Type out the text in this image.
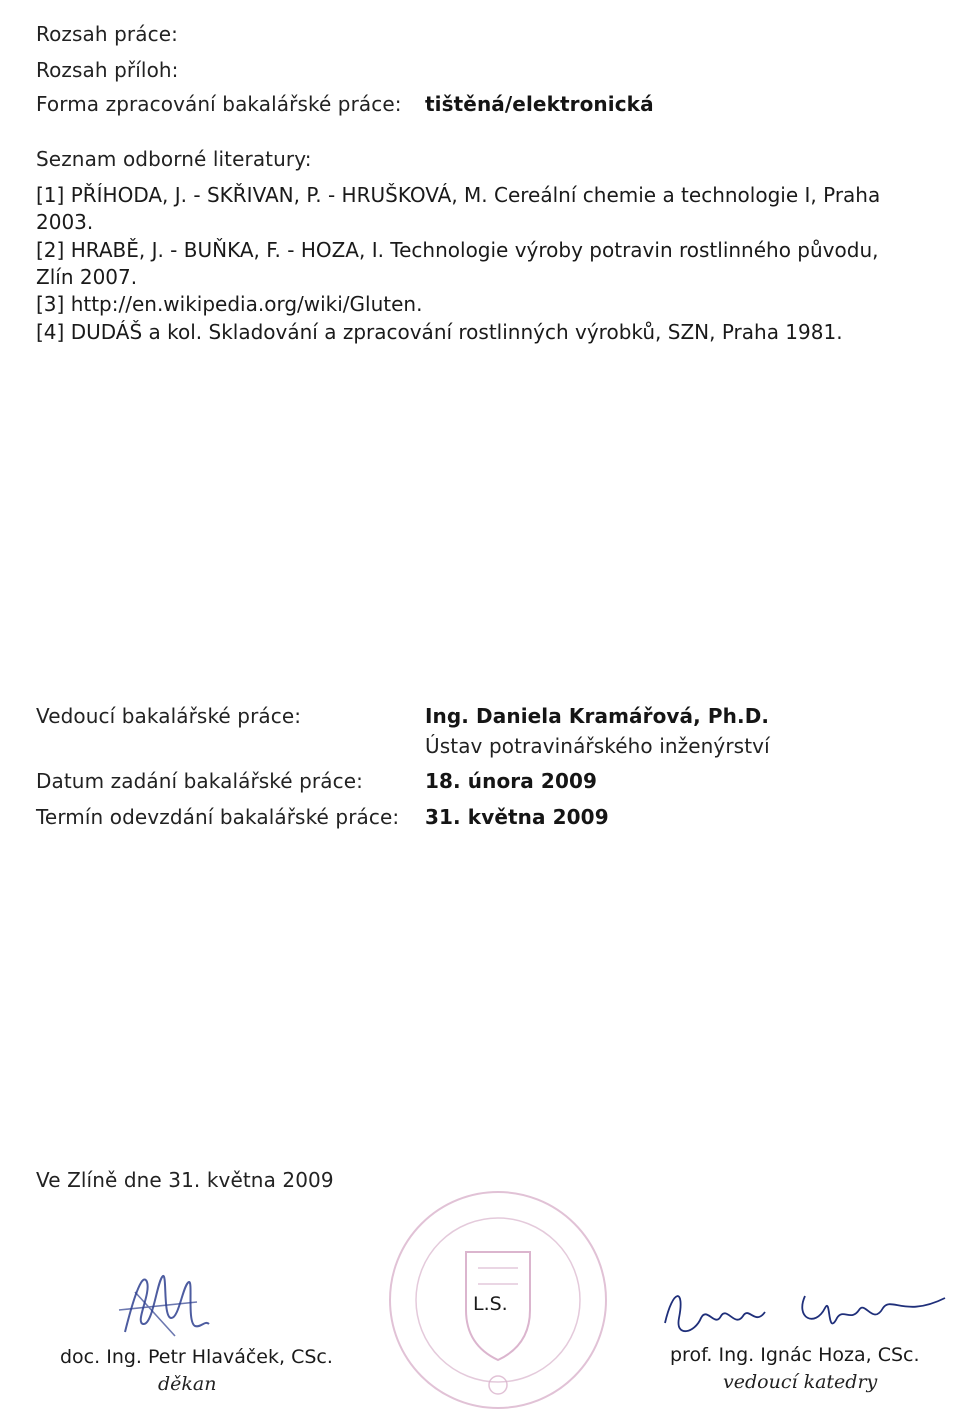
Rozsah práce:
Rozsah příloh:
Forma zpracování bakalářské práce: tištěná/elektronická
Seznam odborné literatury:
[1] PŘÍHODA, J. - SKŘIVAN, P. - HRUŠKOVÁ, M. Cereální chemie a technologie I, Praha
2003.
[2] HRABĚ, J. - BUŇKA, F. - HOZA, I. Technologie výroby potravin rostlinného původu,
Zlín 2007.
[3] http://en.wikipedia.org/wiki/Gluten.
[4] DUDÁŠ a kol. Skladování a zpracování rostlinných výrobků, SZN, Praha 1981.
Vedoucí bakalářské práce:	Ing. Daniela Kramářová, Ph.D.
Ústav potravinářského inženýrství
Datum zadání bakalářské práce:	18. února 2009
Termín odevzdání bakalářské práce: 31. května 2009
Ve Zlíně dne 31. května 2009
L.S.
doc. Ing. Petr Hlaváček, CSc.
děkan
prof. Ing. Ignác Hoza, CSc.
vedoucí katedry
